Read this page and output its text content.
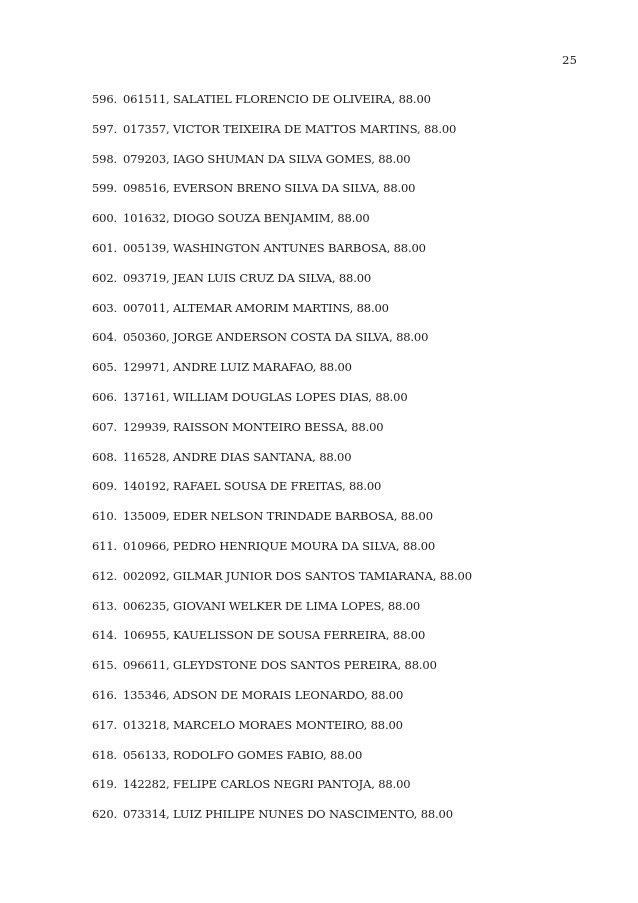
25
596. 061511, SALATIEL FLORENCIO DE OLIVEIRA, 88.00
597. 017357, VICTOR TEIXEIRA DE MATTOS MARTINS, 88.00
598. 079203, IAGO SHUMAN DA SILVA GOMES, 88.00
599. 098516, EVERSON BRENO SILVA DA SILVA, 88.00
600. 101632, DIOGO SOUZA BENJAMIM, 88.00
601. 005139, WASHINGTON ANTUNES BARBOSA, 88.00
602. 093719, JEAN LUIS CRUZ DA SILVA, 88.00
603. 007011, ALTEMAR AMORIM MARTINS, 88.00
604. 050360, JORGE ANDERSON COSTA DA SILVA, 88.00
605. 129971, ANDRE LUIZ MARAFAO, 88.00
606. 137161, WILLIAM DOUGLAS LOPES DIAS, 88.00
607. 129939, RAISSON MONTEIRO BESSA, 88.00
608. 116528, ANDRE DIAS SANTANA, 88.00
609. 140192, RAFAEL SOUSA DE FREITAS, 88.00
610. 135009, EDER NELSON TRINDADE BARBOSA, 88.00
611. 010966, PEDRO HENRIQUE MOURA DA SILVA, 88.00
612. 002092, GILMAR JUNIOR DOS SANTOS TAMIARANA, 88.00
613. 006235, GIOVANI WELKER DE LIMA LOPES, 88.00
614. 106955, KAUELISSON DE SOUSA FERREIRA, 88.00
615. 096611, GLEYDSTONE DOS SANTOS PEREIRA, 88.00
616. 135346, ADSON DE MORAIS LEONARDO, 88.00
617. 013218, MARCELO MORAES MONTEIRO, 88.00
618. 056133, RODOLFO GOMES FABIO, 88.00
619. 142282, FELIPE CARLOS NEGRI PANTOJA, 88.00
620. 073314, LUIZ PHILIPE NUNES DO NASCIMENTO, 88.00
